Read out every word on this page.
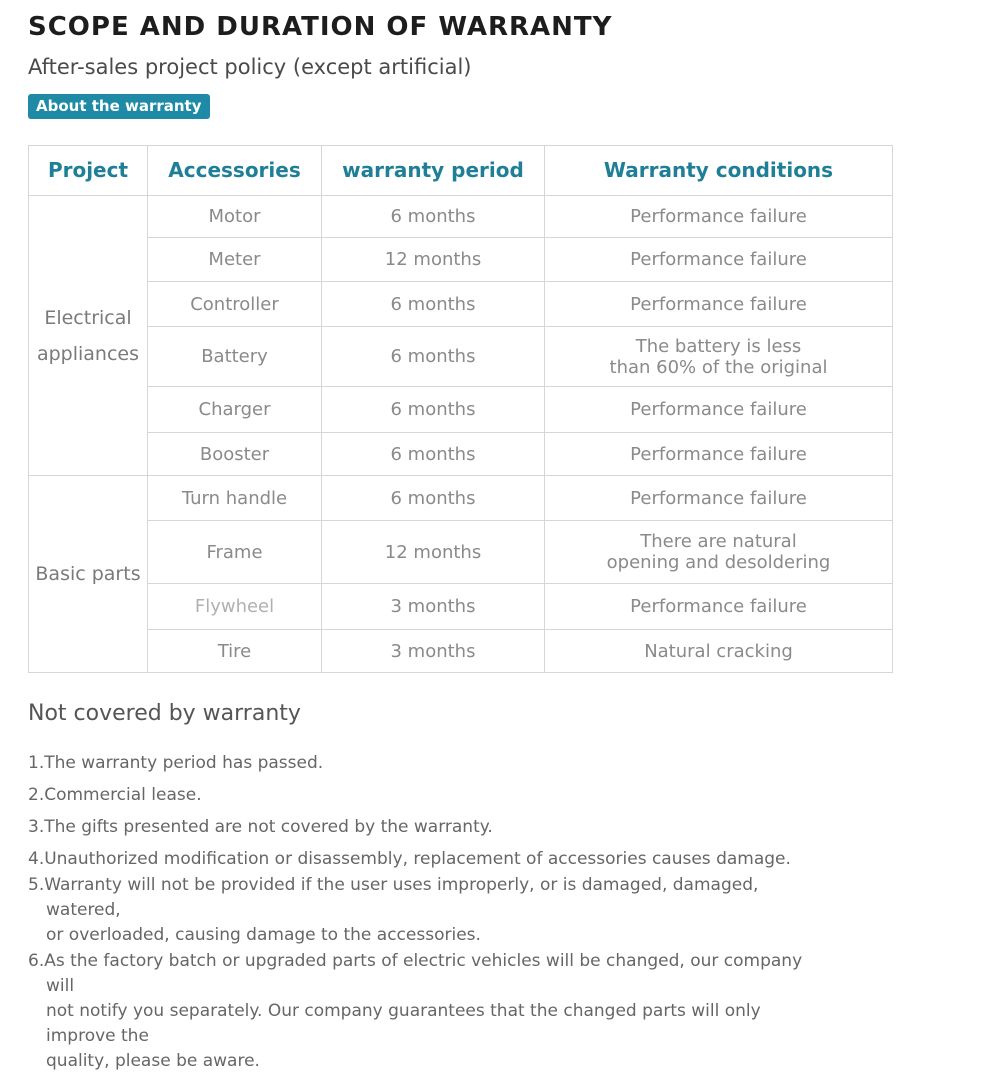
SCOPE AND DURATION OF WARRANTY
After-sales project policy (except artificial)
About the warranty
Project	Accessories	warranty period	Warranty conditions
Electrical
appliances	Motor	6 months	Performance failure
	Meter	12 months	Performance failure
	Controller	6 months	Performance failure
	Battery	6 months	The battery is less
than 60% of the original
	Charger	6 months	Performance failure
	Booster	6 months	Performance failure
Basic parts	Turn handle	6 months	Performance failure
	Frame	12 months	There are natural
opening and desoldering
	Flywheel	3 months	Performance failure
	Tire	3 months	Natural cracking
Not covered by warranty
1.The warranty period has passed.
2.Commercial lease.
3.The gifts presented are not covered by the warranty.
4.Unauthorized modification or disassembly, replacement of accessories causes damage.
5.Warranty will not be provided if the user uses improperly, or is damaged, damaged, watered,
or overloaded, causing damage to the accessories.
6.As the factory batch or upgraded parts of electric vehicles will be changed, our company will
not notify you separately. Our company guarantees that the changed parts will only improve the
quality, please be aware.
